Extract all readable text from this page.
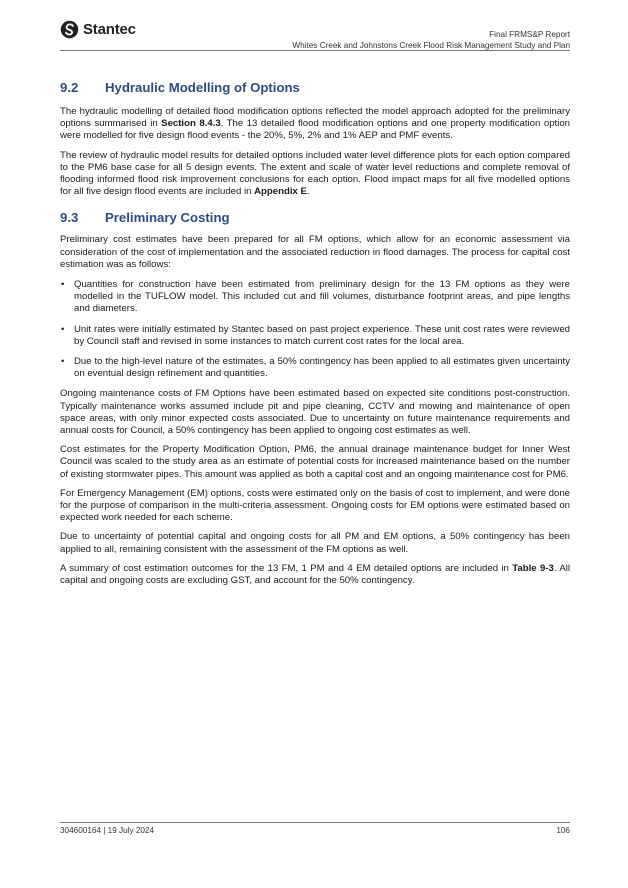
Stantec	Final FRMS&P Report
Whites Creek and Johnstons Creek Flood Risk Management Study and Plan
9.2	Hydraulic Modelling of Options

The hydraulic modelling of detailed flood modification options reflected the model approach adopted for the preliminary options summarised in Section 8.4.3. The 13 detailed flood modification options and one property modification option were modelled for five design flood events - the 20%, 5%, 2% and 1% AEP and PMF events.

The review of hydraulic model results for detailed options included water level difference plots for each option compared to the PM6 base case for all 5 design events. The extent and scale of water level reductions and complete removal of flooding informed flood risk improvement conclusions for each option. Flood impact maps for all five modelled options for all five design flood events are included in Appendix E.

9.3	Preliminary Costing

Preliminary cost estimates have been prepared for all FM options, which allow for an economic assessment via consideration of the cost of implementation and the associated reduction in flood damages. The process for capital cost estimation was as follows:

• Quantities for construction have been estimated from preliminary design for the 13 FM options as they were modelled in the TUFLOW model. This included cut and fill volumes, disturbance footprint areas, and pipe lengths and diameters.
• Unit rates were initially estimated by Stantec based on past project experience. These unit cost rates were reviewed by Council staff and revised in some instances to match current cost rates for the local area.
• Due to the high-level nature of the estimates, a 50% contingency has been applied to all estimates given uncertainty on eventual design refinement and quantities.

Ongoing maintenance costs of FM Options have been estimated based on expected site conditions post-construction. Typically maintenance works assumed include pit and pipe cleaning, CCTV and mowing and maintenance of open space areas, with only minor expected costs associated. Due to uncertainty on future maintenance requirements and annual costs for Council, a 50% contingency has been applied to ongoing cost estimates as well.

Cost estimates for the Property Modification Option, PM6, the annual drainage maintenance budget for Inner West Council was scaled to the study area as an estimate of potential costs for increased maintenance based on the number of existing stormwater pipes. This amount was applied as both a capital cost and an ongoing maintenance cost for PM6.

For Emergency Management (EM) options, costs were estimated only on the basis of cost to implement, and were done for the purpose of comparison in the multi-criteria assessment. Ongoing costs for EM options were estimated based on expected work needed for each scheme.

Due to uncertainty of potential capital and ongoing costs for all PM and EM options, a 50% contingency has been applied to all, remaining consistent with the assessment of the FM options as well.

A summary of cost estimation outcomes for the 13 FM, 1 PM and 4 EM detailed options are included in Table 9-3. All capital and ongoing costs are excluding GST, and account for the 50% contingency.

304600164 | 19 July 2024	106
